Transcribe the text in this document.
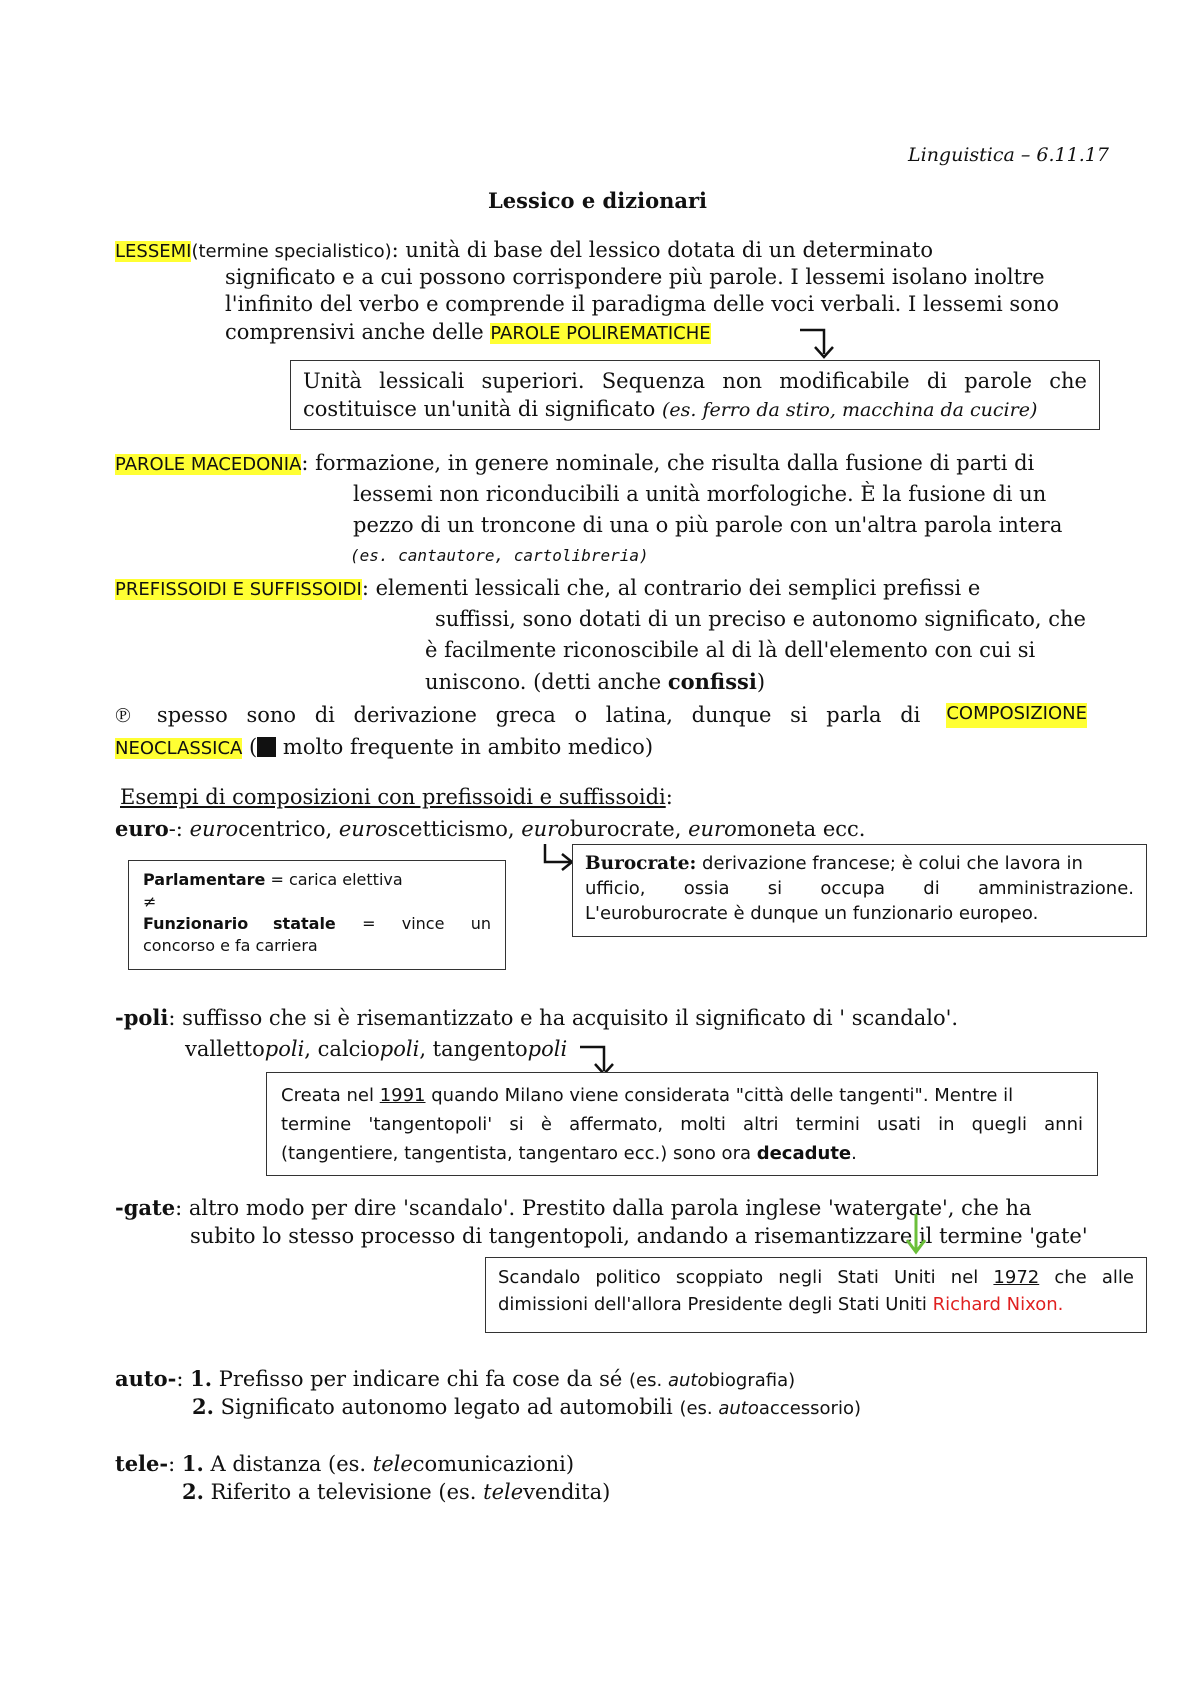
Linguistica – 6.11.17
Lessico e dizionari
LESSEMI(termine specialistico): unità di base del lessico dotata di un determinato
significato e a cui possono corrispondere più parole. I lessemi isolano inoltre
l'infinito del verbo e comprende il paradigma delle voci verbali. I lessemi sono
comprensivi anche delle PAROLE POLIREMATICHE
Unità lessicali superiori. Sequenza non modificabile di parole che
costituisce un'unità di significato (es. ferro da stiro, macchina da cucire)
PAROLE MACEDONIA: formazione, in genere nominale, che risulta dalla fusione di parti di
lessemi non riconducibili a unità morfologiche. È la fusione di un
pezzo di un troncone di una o più parole con un'altra parola intera
(es. cantautore, cartolibreria)
PREFISSOIDI E SUFFISSOIDI: elementi lessicali che, al contrario dei semplici prefissi e
suffissi, sono dotati di un preciso e autonomo significato, che
è facilmente riconoscibile al di là dell'elemento con cui si
uniscono. (detti anche confissi)
℗ spesso sono di derivazione greca o latina, dunque si parla di COMPOSIZIONE
NEOCLASSICA ( molto frequente in ambito medico)
Esempi di composizioni con prefissoidi e suffissoidi:
euro-: eurocentrico, euroscetticismo, euroburocrate, euromoneta ecc.
Parlamentare = carica elettiva
≠
Funzionario statale = vince un
concorso e fa carriera
Burocrate: derivazione francese; è colui che lavora in
ufficio, ossia si occupa di amministrazione.
L'euroburocrate è dunque un funzionario europeo.
-poli: suffisso che si è risemantizzato e ha acquisito il significato di ' scandalo'.
vallettopoli, calciopoli, tangentopoli
Creata nel 1991 quando Milano viene considerata "città delle tangenti". Mentre il
termine 'tangentopoli' si è affermato, molti altri termini usati in quegli anni
(tangentiere, tangentista, tangentaro ecc.) sono ora decadute.
-gate: altro modo per dire 'scandalo'. Prestito dalla parola inglese 'watergate', che ha
subito lo stesso processo di tangentopoli, andando a risemantizzare il termine 'gate'
Scandalo politico scoppiato negli Stati Uniti nel 1972 che alle
dimissioni dell'allora Presidente degli Stati Uniti Richard Nixon.
auto-: 1. Prefisso per indicare chi fa cose da sé (es. autobiografia)
2. Significato autonomo legato ad automobili (es. autoaccessorio)
tele-: 1. A distanza (es. telecomunicazioni)
2. Riferito a televisione (es. televendita)
